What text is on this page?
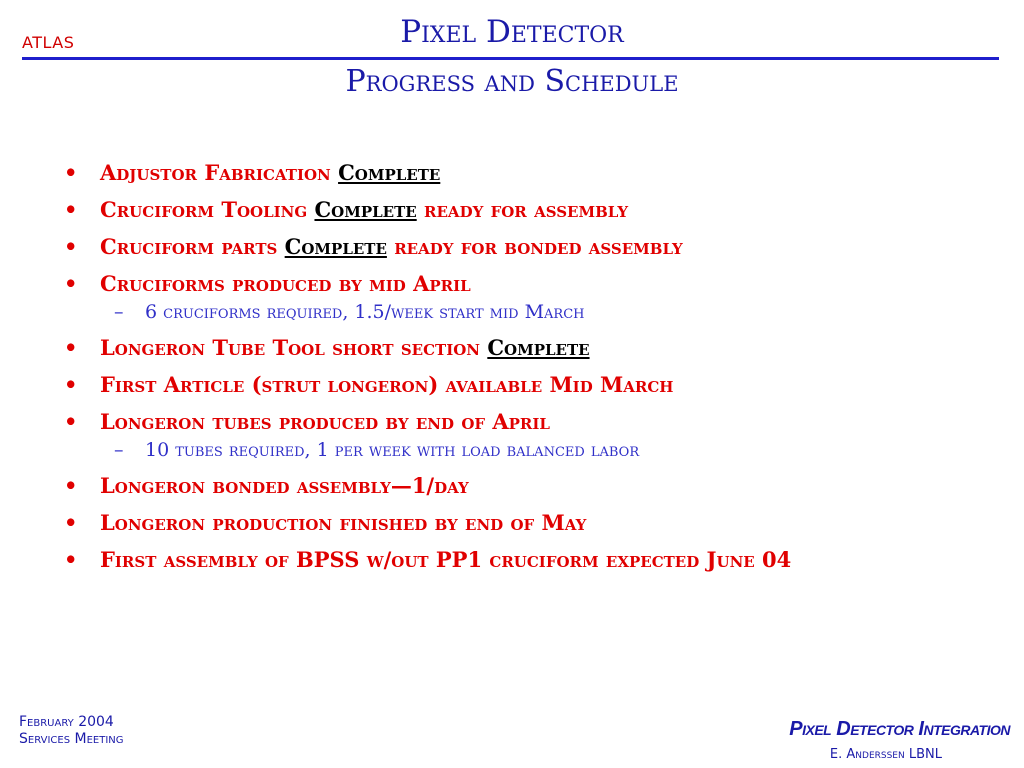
ATLAS	Pixel Detector
Progress and Schedule
• Adjustor Fabrication Complete
• Cruciform Tooling Complete ready for assembly
• Cruciform parts Complete ready for bonded assembly
• Cruciforms produced by mid April
– 6 cruciforms required, 1.5/week start mid March
• Longeron Tube Tool short section Complete
• First Article (strut longeron) available Mid March
• Longeron tubes produced by end of April
– 10 tubes required, 1 per week with load balanced labor
• Longeron bonded assembly—1/day
• Longeron production finished by end of May
• First assembly of BPSS w/out PP1 cruciform expected June 04
February 2004
Services Meeting	Pixel Detector Integration
E. Anderssen LBNL
